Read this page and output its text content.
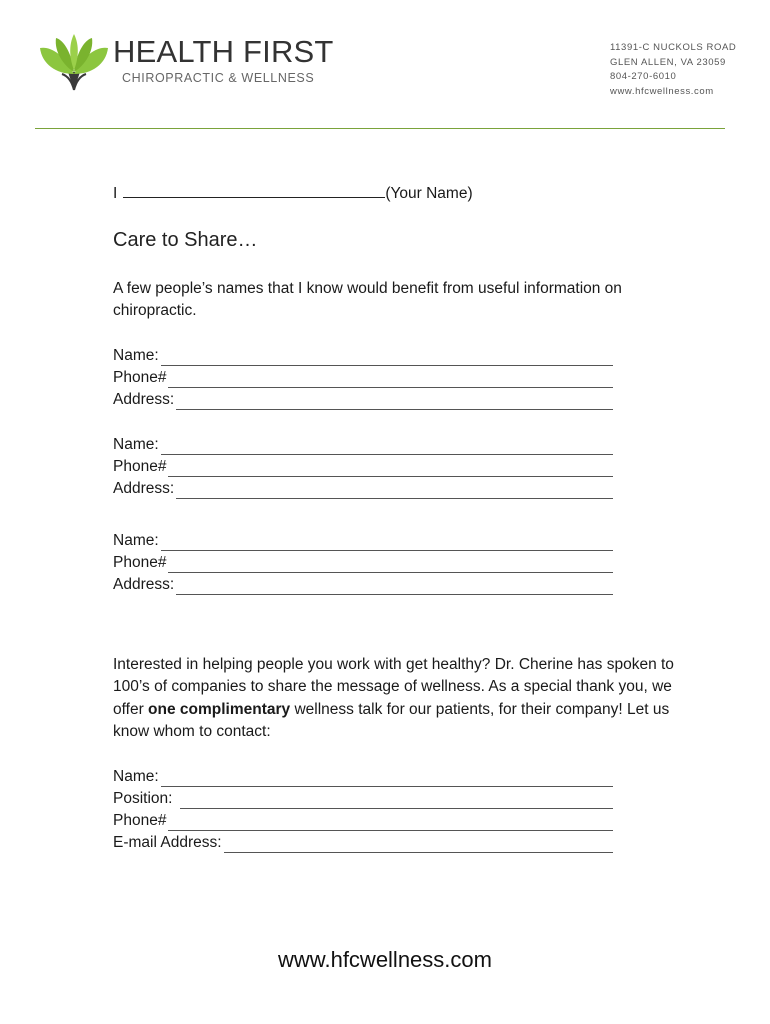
HEALTH FIRST
CHIROPRACTIC & WELLNESS
11391-C NUCKOLS ROAD
GLEN ALLEN, VA 23059
804-270-6010
www.hfcwellness.com
I	(Your Name)
Care to Share…
A few people’s names that I know would benefit from useful information on chiropractic.
Name:
Phone#
Address:
Name:
Phone#
Address:
Name:
Phone#
Address:
Interested in helping people you work with get healthy? Dr. Cherine has spoken to 100’s of companies to share the message of wellness. As a special thank you, we offer one complimentary wellness talk for our patients, for their company! Let us know whom to contact:
Name:
Position:
Phone#
E-mail Address:
www.hfcwellness.com
